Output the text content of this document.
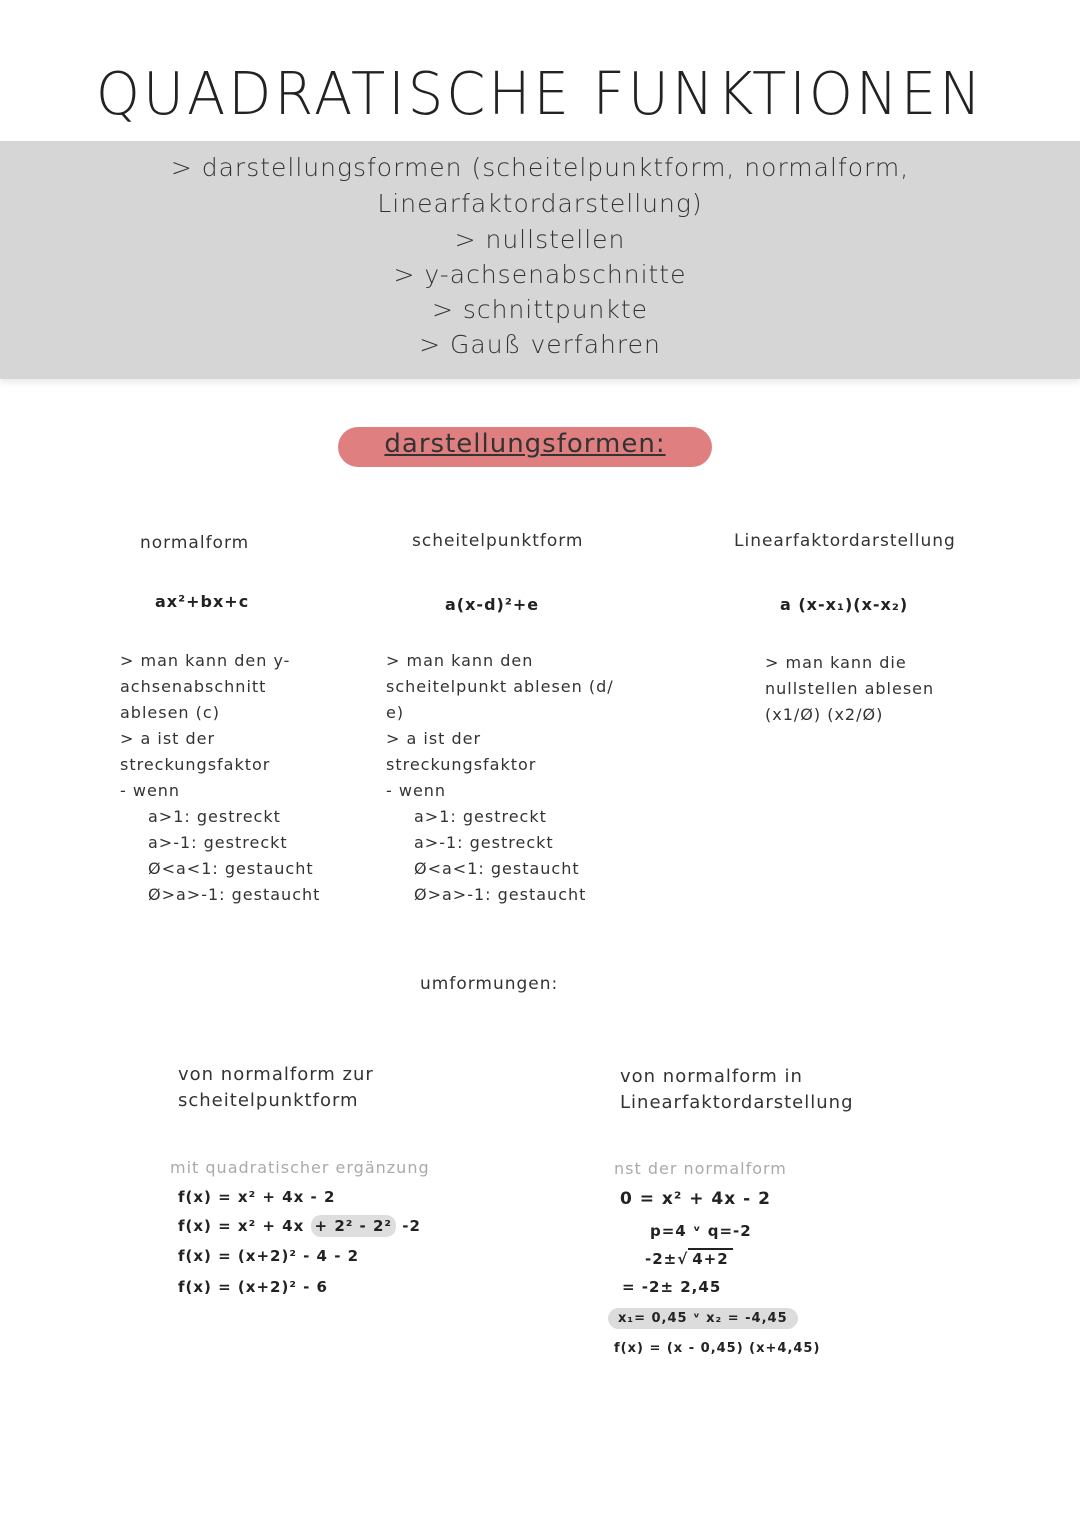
QUADRATISCHE FUNKTIONEN
> darstellungsformen (scheitelpunktform, normalform,
Linearfaktordarstellung)
> nullstellen
> y-achsenabschnitte
> schnittpunkte
> Gauß verfahren
darstellungsformen:
normalform
ax²+bx+c
> man kann den y-
achsenabschnitt
ablesen (c)
> a ist der
streckungsfaktor
- wenn
a>1: gestreckt
a>-1: gestreckt
Ø<a<1: gestaucht
Ø>a>-1: gestaucht
scheitelpunktform
a(x-d)²+e
> man kann den
scheitelpunkt ablesen (d/
e)
> a ist der
streckungsfaktor
- wenn
a>1: gestreckt
a>-1: gestreckt
Ø<a<1: gestaucht
Ø>a>-1: gestaucht
Linearfaktordarstellung
a (x-x₁)(x-x₂)
> man kann die
nullstellen ablesen
(x1/Ø) (x2/Ø)
umformungen:
von normalform zur
scheitelpunktform
mit quadratischer ergänzung
f(x) = x² + 4x - 2
f(x) = x² + 4x + 2² - 2² -2
f(x) = (x+2)² - 4 - 2
f(x) = (x+2)² - 6
von normalform in
Linearfaktordarstellung
nst der normalform
0 = x² + 4x - 2
p=4 ᵛ q=-2
-2±√ 4+2
= -2± 2,45
x₁= 0,45 ᵛ x₂ = -4,45
f(x) = (x - 0,45) (x+4,45)
